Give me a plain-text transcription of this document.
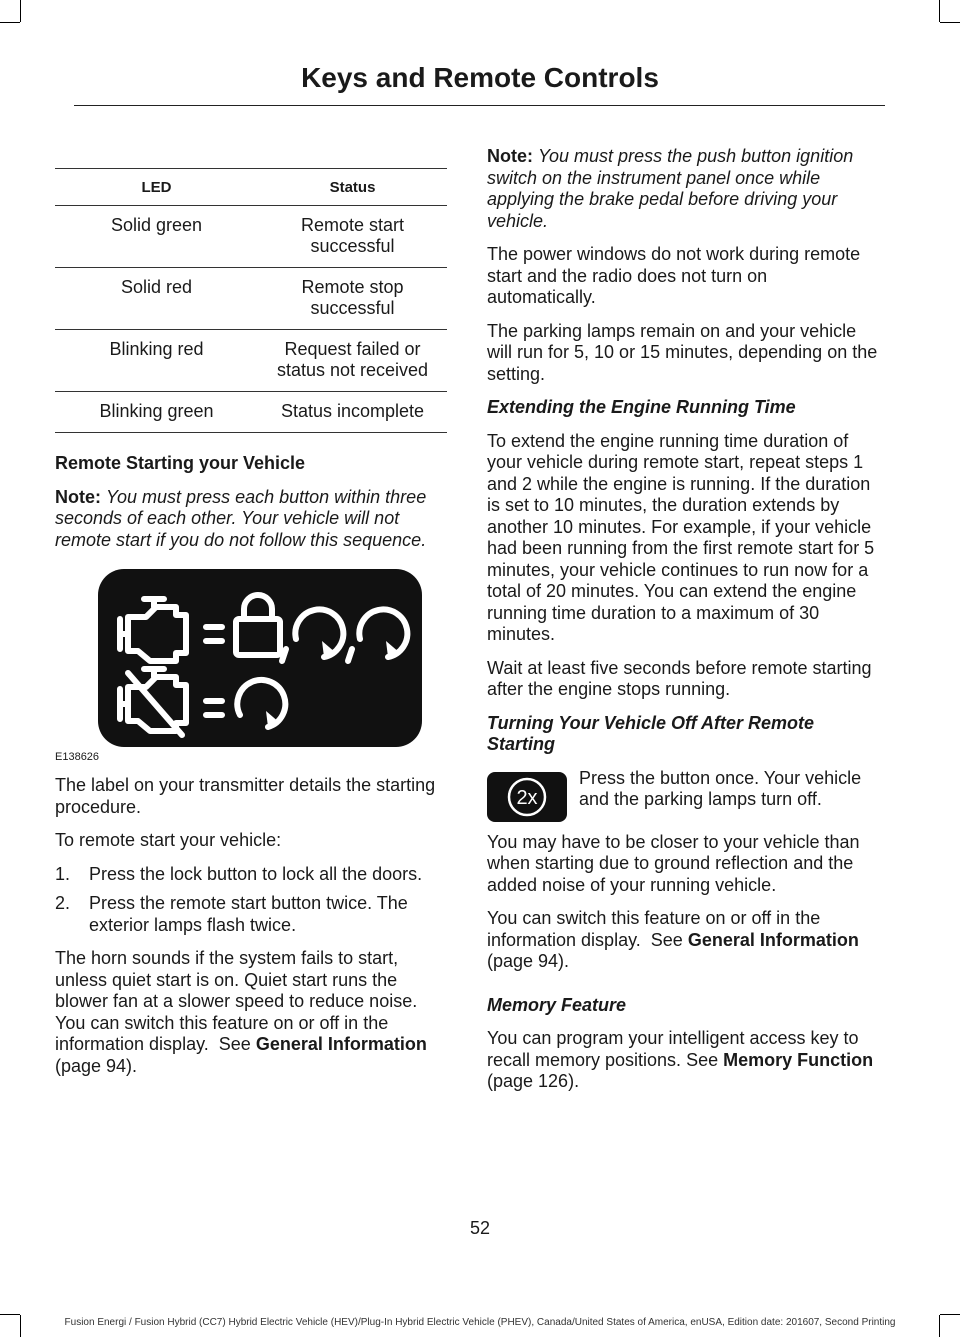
Keys and Remote Controls
LED	Status
Solid green	Remote start successful
Solid red	Remote stop successful
Blinking red	Request failed or status not received
Blinking green	Status incomplete
Remote Starting your Vehicle

Note: You must press each button within three seconds of each other. Your vehicle will not remote start if you do not follow this sequence.

E138626

The label on your transmitter details the starting procedure.

To remote start your vehicle:

1. Press the lock button to lock all the doors.
2. Press the remote start button twice. The exterior lamps flash twice.

The horn sounds if the system fails to start, unless quiet start is on. Quiet start runs the blower fan at a slower speed to reduce noise. You can switch this feature on or off in the information display. See General Information (page 94).

Note: You must press the push button ignition switch on the instrument panel once while applying the brake pedal before driving your vehicle.

The power windows do not work during remote start and the radio does not turn on automatically.

The parking lamps remain on and your vehicle will run for 5, 10 or 15 minutes, depending on the setting.

Extending the Engine Running Time

To extend the engine running time duration of your vehicle during remote start, repeat steps 1 and 2 while the engine is running. If the duration is set to 10 minutes, the duration extends by another 10 minutes. For example, if your vehicle had been running from the first remote start for 5 minutes, your vehicle continues to run now for a total of 20 minutes. You can extend the engine running time duration to a maximum of 30 minutes.

Wait at least five seconds before remote starting after the engine stops running.

Turning Your Vehicle Off After Remote Starting
2x

Press the button once. Your vehicle and the parking lamps turn off.

You may have to be closer to your vehicle than when starting due to ground reflection and the added noise of your running vehicle.

You can switch this feature on or off in the information display. See General Information (page 94).

Memory Feature

You can program your intelligent access key to recall memory positions. See Memory Function (page 126).

52
Fusion Energi / Fusion Hybrid (CC7) Hybrid Electric Vehicle (HEV)/Plug-In Hybrid Electric Vehicle (PHEV), Canada/United States of America, enUSA, Edition date: 201607, Second Printing
